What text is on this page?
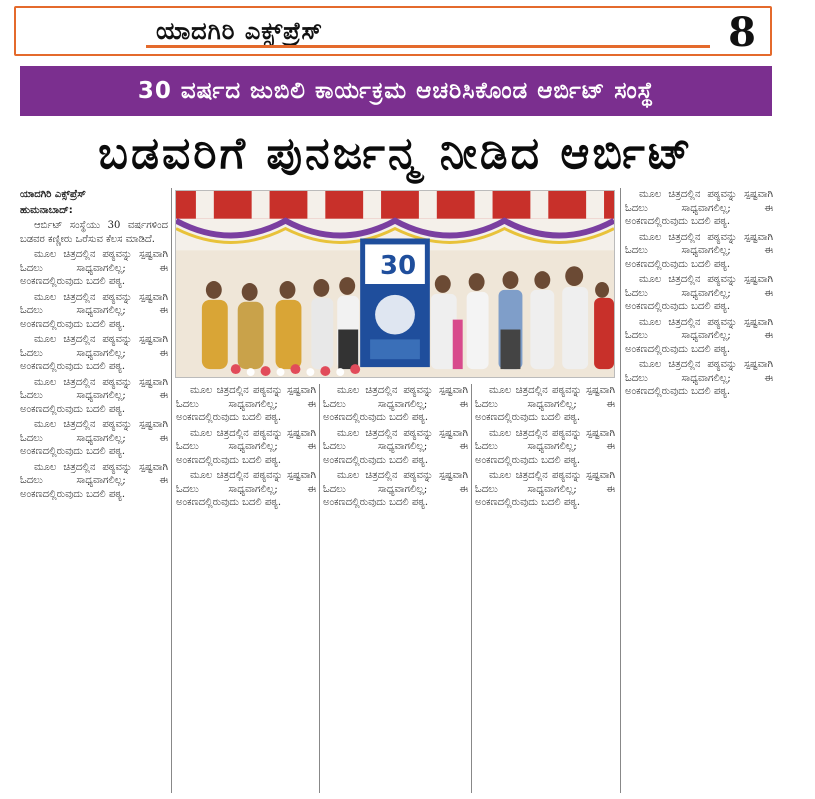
ಯಾದಗಿರಿ ಎಕ್ಸ್‌ಪ್ರೆಸ್	8
30 ವರ್ಷದ ಜುಬಿಲಿ ಕಾರ್ಯಕ್ರಮ ಆಚರಿಸಿಕೊಂಡ ಆರ್ಬಿಟ್ ಸಂಸ್ಥೆ
ಬಡವರಿಗೆ ಪುನರ್ಜನ್ಮ ನೀಡಿದ ಆರ್ಬಿಟ್
30

ಯಾದಗಿರಿ ಎಕ್ಸ್‌ಪ್ರೆಸ್

ಹುಮನಾಬಾದ್:

ಆರ್ಬಿಟ್ ಸಂಸ್ಥೆಯು 30 ವರ್ಷಗಳಿಂದ ಬಡವರ ಕಣ್ಣೀರು ಒರೆಸುವ ಕೆಲಸ ಮಾಡಿದೆ.

ಮೂಲ ಚಿತ್ರದಲ್ಲಿನ ಪಠ್ಯವನ್ನು ಸ್ಪಷ್ಟವಾಗಿ ಓದಲು ಸಾಧ್ಯವಾಗಲಿಲ್ಲ; ಈ ಅಂಕಣದಲ್ಲಿರುವುದು ಬದಲಿ ಪಠ್ಯ.

ಮೂಲ ಚಿತ್ರದಲ್ಲಿನ ಪಠ್ಯವನ್ನು ಸ್ಪಷ್ಟವಾಗಿ ಓದಲು ಸಾಧ್ಯವಾಗಲಿಲ್ಲ; ಈ ಅಂಕಣದಲ್ಲಿರುವುದು ಬದಲಿ ಪಠ್ಯ.

ಮೂಲ ಚಿತ್ರದಲ್ಲಿನ ಪಠ್ಯವನ್ನು ಸ್ಪಷ್ಟವಾಗಿ ಓದಲು ಸಾಧ್ಯವಾಗಲಿಲ್ಲ; ಈ ಅಂಕಣದಲ್ಲಿರುವುದು ಬದಲಿ ಪಠ್ಯ.

ಮೂಲ ಚಿತ್ರದಲ್ಲಿನ ಪಠ್ಯವನ್ನು ಸ್ಪಷ್ಟವಾಗಿ ಓದಲು ಸಾಧ್ಯವಾಗಲಿಲ್ಲ; ಈ ಅಂಕಣದಲ್ಲಿರುವುದು ಬದಲಿ ಪಠ್ಯ.

ಮೂಲ ಚಿತ್ರದಲ್ಲಿನ ಪಠ್ಯವನ್ನು ಸ್ಪಷ್ಟವಾಗಿ ಓದಲು ಸಾಧ್ಯವಾಗಲಿಲ್ಲ; ಈ ಅಂಕಣದಲ್ಲಿರುವುದು ಬದಲಿ ಪಠ್ಯ.

ಮೂಲ ಚಿತ್ರದಲ್ಲಿನ ಪಠ್ಯವನ್ನು ಸ್ಪಷ್ಟವಾಗಿ ಓದಲು ಸಾಧ್ಯವಾಗಲಿಲ್ಲ; ಈ ಅಂಕಣದಲ್ಲಿರುವುದು ಬದಲಿ ಪಠ್ಯ.

ಮೂಲ ಚಿತ್ರದಲ್ಲಿನ ಪಠ್ಯವನ್ನು ಸ್ಪಷ್ಟವಾಗಿ ಓದಲು ಸಾಧ್ಯವಾಗಲಿಲ್ಲ; ಈ ಅಂಕಣದಲ್ಲಿರುವುದು ಬದಲಿ ಪಠ್ಯ.

ಮೂಲ ಚಿತ್ರದಲ್ಲಿನ ಪಠ್ಯವನ್ನು ಸ್ಪಷ್ಟವಾಗಿ ಓದಲು ಸಾಧ್ಯವಾಗಲಿಲ್ಲ; ಈ ಅಂಕಣದಲ್ಲಿರುವುದು ಬದಲಿ ಪಠ್ಯ.

ಮೂಲ ಚಿತ್ರದಲ್ಲಿನ ಪಠ್ಯವನ್ನು ಸ್ಪಷ್ಟವಾಗಿ ಓದಲು ಸಾಧ್ಯವಾಗಲಿಲ್ಲ; ಈ ಅಂಕಣದಲ್ಲಿರುವುದು ಬದಲಿ ಪಠ್ಯ.

ಮೂಲ ಚಿತ್ರದಲ್ಲಿನ ಪಠ್ಯವನ್ನು ಸ್ಪಷ್ಟವಾಗಿ ಓದಲು ಸಾಧ್ಯವಾಗಲಿಲ್ಲ; ಈ ಅಂಕಣದಲ್ಲಿರುವುದು ಬದಲಿ ಪಠ್ಯ.

ಮೂಲ ಚಿತ್ರದಲ್ಲಿನ ಪಠ್ಯವನ್ನು ಸ್ಪಷ್ಟವಾಗಿ ಓದಲು ಸಾಧ್ಯವಾಗಲಿಲ್ಲ; ಈ ಅಂಕಣದಲ್ಲಿರುವುದು ಬದಲಿ ಪಠ್ಯ.

ಮೂಲ ಚಿತ್ರದಲ್ಲಿನ ಪಠ್ಯವನ್ನು ಸ್ಪಷ್ಟವಾಗಿ ಓದಲು ಸಾಧ್ಯವಾಗಲಿಲ್ಲ; ಈ ಅಂಕಣದಲ್ಲಿರುವುದು ಬದಲಿ ಪಠ್ಯ.

ಮೂಲ ಚಿತ್ರದಲ್ಲಿನ ಪಠ್ಯವನ್ನು ಸ್ಪಷ್ಟವಾಗಿ ಓದಲು ಸಾಧ್ಯವಾಗಲಿಲ್ಲ; ಈ ಅಂಕಣದಲ್ಲಿರುವುದು ಬದಲಿ ಪಠ್ಯ.

ಮೂಲ ಚಿತ್ರದಲ್ಲಿನ ಪಠ್ಯವನ್ನು ಸ್ಪಷ್ಟವಾಗಿ ಓದಲು ಸಾಧ್ಯವಾಗಲಿಲ್ಲ; ಈ ಅಂಕಣದಲ್ಲಿರುವುದು ಬದಲಿ ಪಠ್ಯ.

ಮೂಲ ಚಿತ್ರದಲ್ಲಿನ ಪಠ್ಯವನ್ನು ಸ್ಪಷ್ಟವಾಗಿ ಓದಲು ಸಾಧ್ಯವಾಗಲಿಲ್ಲ; ಈ ಅಂಕಣದಲ್ಲಿರುವುದು ಬದಲಿ ಪಠ್ಯ.

ಮೂಲ ಚಿತ್ರದಲ್ಲಿನ ಪಠ್ಯವನ್ನು ಸ್ಪಷ್ಟವಾಗಿ ಓದಲು ಸಾಧ್ಯವಾಗಲಿಲ್ಲ; ಈ ಅಂಕಣದಲ್ಲಿರುವುದು ಬದಲಿ ಪಠ್ಯ.

ಮೂಲ ಚಿತ್ರದಲ್ಲಿನ ಪಠ್ಯವನ್ನು ಸ್ಪಷ್ಟವಾಗಿ ಓದಲು ಸಾಧ್ಯವಾಗಲಿಲ್ಲ; ಈ ಅಂಕಣದಲ್ಲಿರುವುದು ಬದಲಿ ಪಠ್ಯ.

ಮೂಲ ಚಿತ್ರದಲ್ಲಿನ ಪಠ್ಯವನ್ನು ಸ್ಪಷ್ಟವಾಗಿ ಓದಲು ಸಾಧ್ಯವಾಗಲಿಲ್ಲ; ಈ ಅಂಕಣದಲ್ಲಿರುವುದು ಬದಲಿ ಪಠ್ಯ.

ಮೂಲ ಚಿತ್ರದಲ್ಲಿನ ಪಠ್ಯವನ್ನು ಸ್ಪಷ್ಟವಾಗಿ ಓದಲು ಸಾಧ್ಯವಾಗಲಿಲ್ಲ; ಈ ಅಂಕಣದಲ್ಲಿರುವುದು ಬದಲಿ ಪಠ್ಯ.

ಮೂಲ ಚಿತ್ರದಲ್ಲಿನ ಪಠ್ಯವನ್ನು ಸ್ಪಷ್ಟವಾಗಿ ಓದಲು ಸಾಧ್ಯವಾಗಲಿಲ್ಲ; ಈ ಅಂಕಣದಲ್ಲಿರುವುದು ಬದಲಿ ಪಠ್ಯ.
